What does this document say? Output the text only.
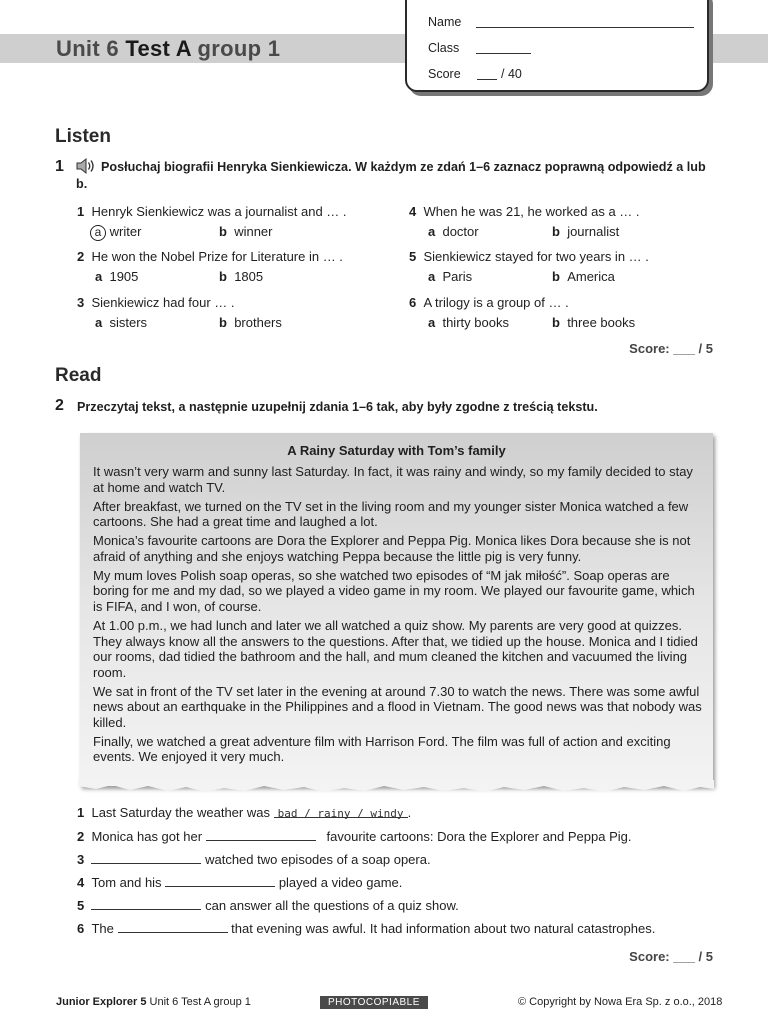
Unit 6 Test A group 1
Name
Class
Score	/ 40
Listen
1	Posłuchaj biografii Henryka Sienkiewicza. W każdym ze zdań 1–6 zaznacz poprawną odpowiedź a lub b.
1 Henryk Sienkiewicz was a journalist and … .
a writer	b winner
2 He won the Nobel Prize for Literature in … .
a 1905	b 1805
3 Sienkiewicz had four … .
a sisters	b brothers
4 When he was 21, he worked as a … .
a doctor	b journalist
5 Sienkiewicz stayed for two years in … .
a Paris	b America
6 A trilogy is a group of … .
a thirty books	b three books
Score: ___ / 5
Read
2 Przeczytaj tekst, a następnie uzupełnij zdania 1–6 tak, aby były zgodne z treścią tekstu.
A Rainy Saturday with Tom’s family

It wasn’t very warm and sunny last Saturday. In fact, it was rainy and windy, so my family decided to stay at home and watch TV.

After breakfast, we turned on the TV set in the living room and my younger sister Monica watched a few cartoons. She had a great time and laughed a lot.

Monica’s favourite cartoons are Dora the Explorer and Peppa Pig. Monica likes Dora because she is not afraid of anything and she enjoys watching Peppa because the little pig is very funny.

My mum loves Polish soap operas, so she watched two episodes of “M jak miłość”. Soap operas are boring for me and my dad, so we played a video game in my room. We played our favourite game, which is FIFA, and I won, of course.

At 1.00 p.m., we had lunch and later we all watched a quiz show. My parents are very good at quizzes. They always know all the answers to the questions. After that, we tidied up the house. Monica and I tidied our rooms, dad tidied the bathroom and the hall, and mum cleaned the kitchen and vacuumed the living room.

We sat in front of the TV set later in the evening at around 7.30 to watch the news. There was some awful news about an earthquake in the Philippines and a flood in Vietnam. The good news was that nobody was killed.

Finally, we watched a great adventure film with Harrison Ford. The film was full of action and exciting events. We enjoyed it very much.

1 Last Saturday the weather was bad / rainy / windy .
2 Monica has got her	favourite cartoons: Dora the Explorer and Peppa Pig.
3	watched two episodes of a soap opera.
4 Tom and his	played a video game.
5	can answer all the questions of a quiz show.
6 The	that evening was awful. It had information about two natural catastrophes.
Score: ___ / 5
Junior Explorer 5 Unit 6 Test A group 1	PHOTOCOPIABLE	© Copyright by Nowa Era Sp. z o.o., 2018
